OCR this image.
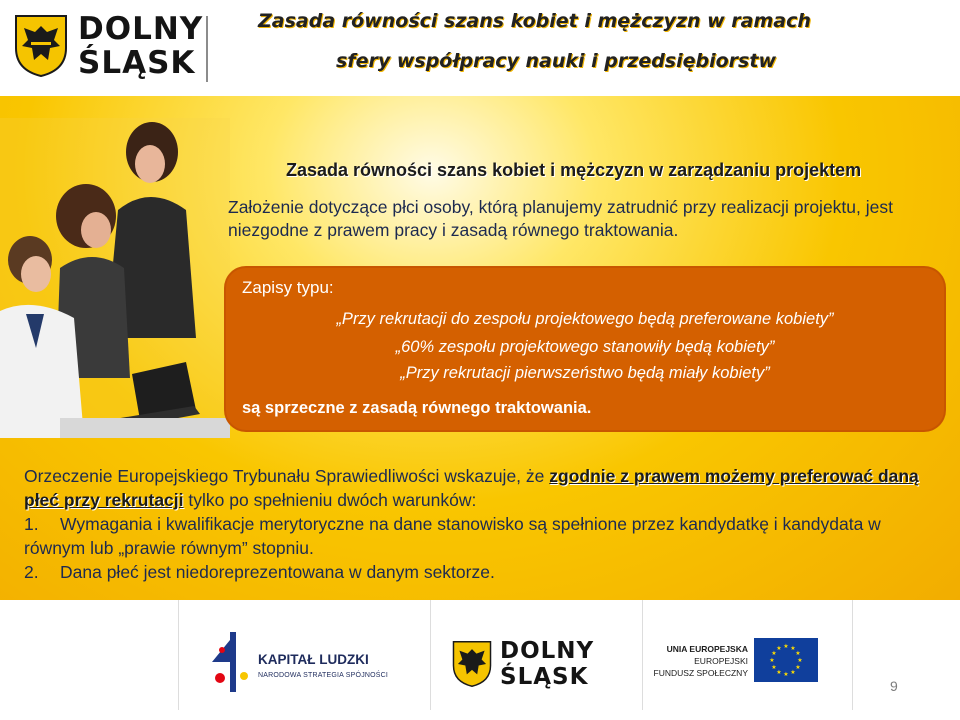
DOLNY
ŚLĄSK
Zasada równości szans kobiet i mężczyzn w ramach
sfery współpracy nauki i przedsiębiorstw
Zasada równości szans kobiet i mężczyzn w zarządzaniu projektem
Założenie dotyczące płci osoby, którą planujemy zatrudnić przy realizacji projektu, jest niezgodne z prawem pracy i zasadą równego traktowania.
Zapisy typu:
„Przy rekrutacji do zespołu projektowego będą preferowane kobiety”
„60% zespołu projektowego stanowiły będą kobiety”
„Przy rekrutacji pierwszeństwo będą miały kobiety”
są sprzeczne z zasadą równego traktowania.

Orzeczenie Europejskiego Trybunału Sprawiedliwości wskazuje, że zgodnie z prawem możemy preferować daną płeć przy rekrutacji tylko po spełnieniu dwóch warunków:

1. Wymagania i kwalifikacje merytoryczne na dane stanowisko są spełnione przez kandydatkę i kandydata w równym lub „prawie równym” stopniu.

2. Dana płeć jest niedoreprezentowana w danym sektorze.

KAPITAŁ LUDZKI
NARODOWA STRATEGIA SPÓJNOŚCI
DOLNY
ŚLĄSK
UNIA EUROPEJSKA
EUROPEJSKI
FUNDUSZ SPOŁECZNY
★ ★
★
★
★
★
★
★
★
★
★
★
9
